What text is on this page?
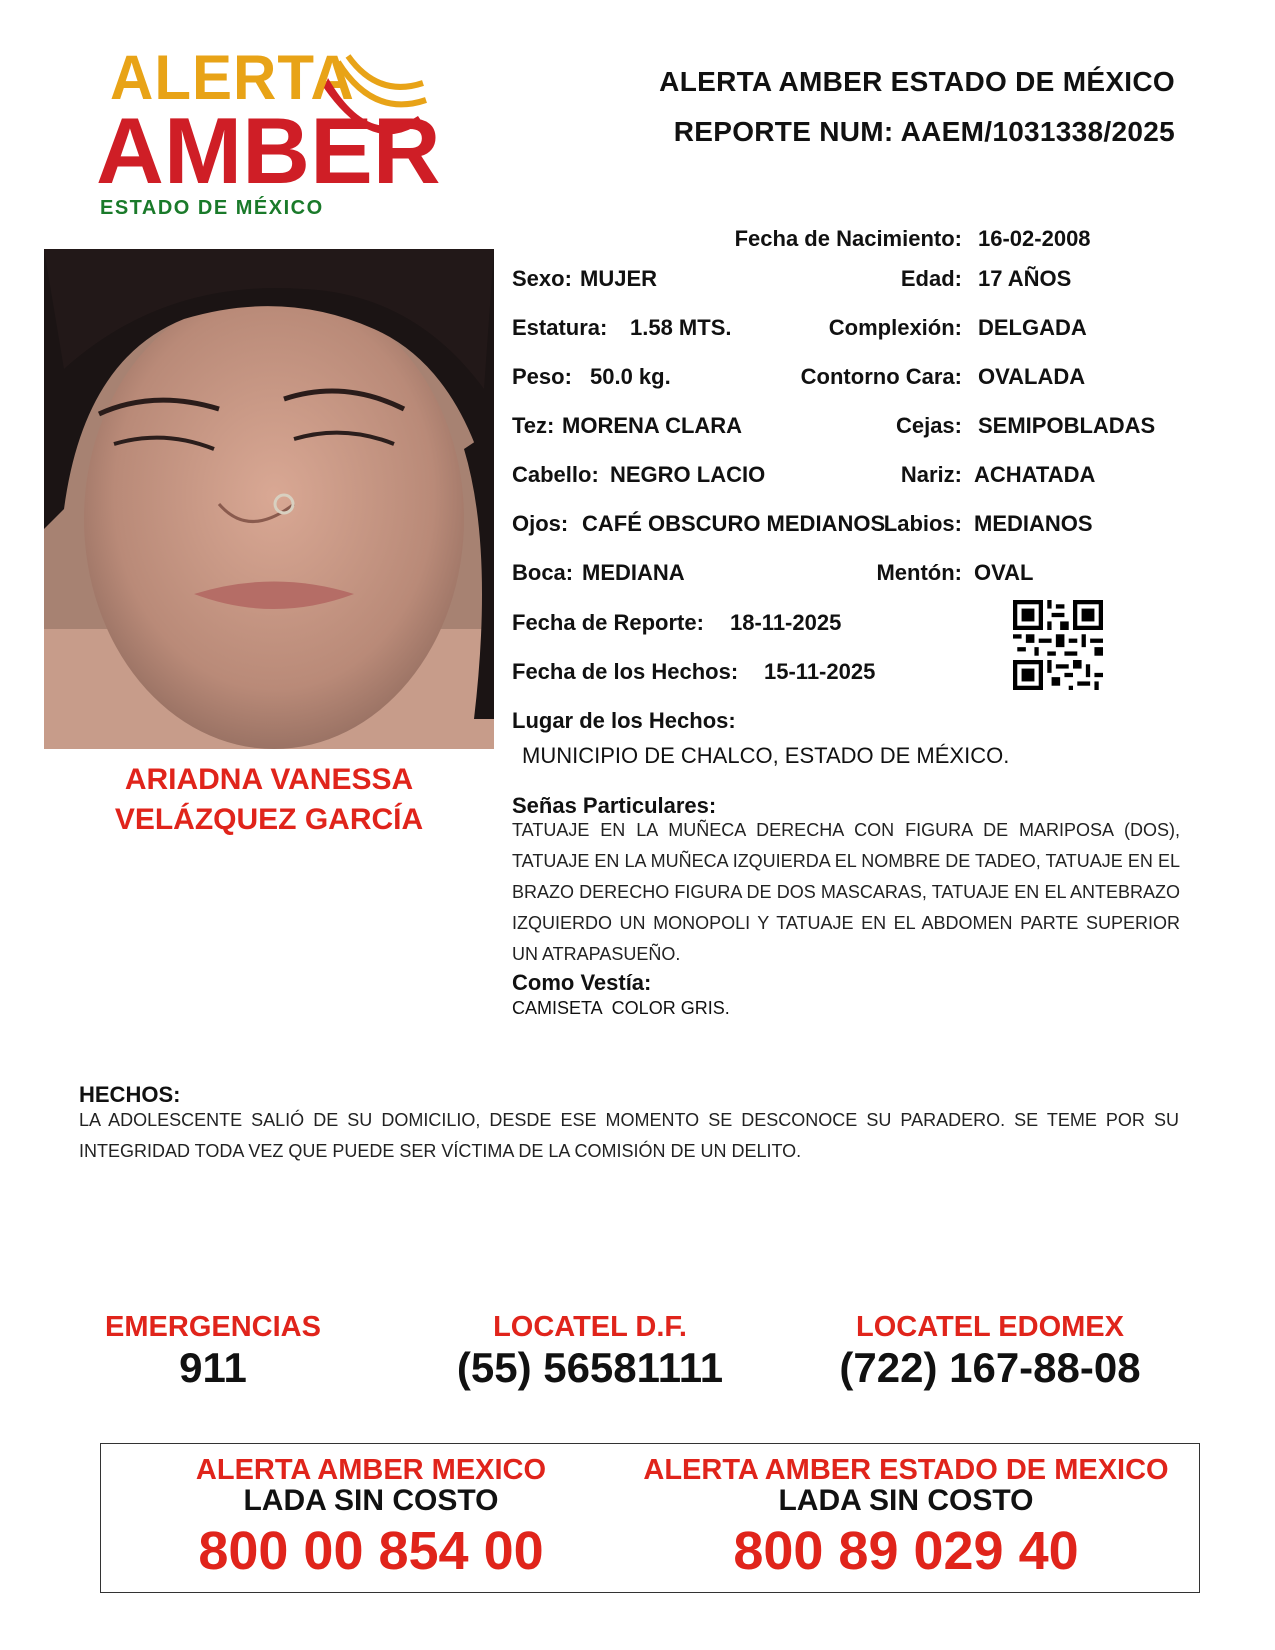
ALERTA
AMBER
ESTADO DE MÉXICO
ALERTA AMBER ESTADO DE MÉXICO
REPORTE NUM: AAEM/1031338/2025
ARIADNA VANESSA
VELÁZQUEZ GARCÍA
Fecha de Nacimiento: 16-02-2008
Sexo: MUJER	Edad: 17 AÑOS
Estatura: 1.58 MTS.	Complexión: DELGADA
Peso: 50.0 kg.	Contorno Cara: OVALADA
Tez: MORENA CLARA	Cejas: SEMIPOBLADAS
Cabello: NEGRO LACIO	Nariz: ACHATADA
Ojos: CAFÉ OBSCURO MEDIANOS
Labios: MEDIANOS
Boca: MEDIANA	Mentón: OVAL
Fecha de Reporte: 18-11-2025
Fecha de los Hechos: 15-11-2025
Lugar de los Hechos:
MUNICIPIO DE CHALCO, ESTADO DE MÉXICO.
Señas Particulares:
TATUAJE EN LA MUÑECA DERECHA CON FIGURA DE MARIPOSA (DOS), TATUAJE EN LA MUÑECA IZQUIERDA EL NOMBRE DE TADEO, TATUAJE EN EL BRAZO DERECHO FIGURA DE DOS MASCARAS, TATUAJE EN EL ANTEBRAZO IZQUIERDO UN MONOPOLI Y TATUAJE EN EL ABDOMEN PARTE SUPERIOR UN ATRAPASUEÑO.
Como Vestía:
CAMISETA  COLOR GRIS.
HECHOS:
LA ADOLESCENTE SALIÓ DE SU DOMICILIO, DESDE ESE MOMENTO SE DESCONOCE SU PARADERO. SE TEME POR SU INTEGRIDAD TODA VEZ QUE PUEDE SER VÍCTIMA DE LA COMISIÓN DE UN DELITO.
EMERGENCIAS
911
LOCATEL D.F.
(55) 56581111
LOCATEL EDOMEX
(722) 167-88-08
ALERTA AMBER MEXICO
LADA SIN COSTO
800 00 854 00
ALERTA AMBER ESTADO DE MEXICO
LADA SIN COSTO
800 89 029 40
